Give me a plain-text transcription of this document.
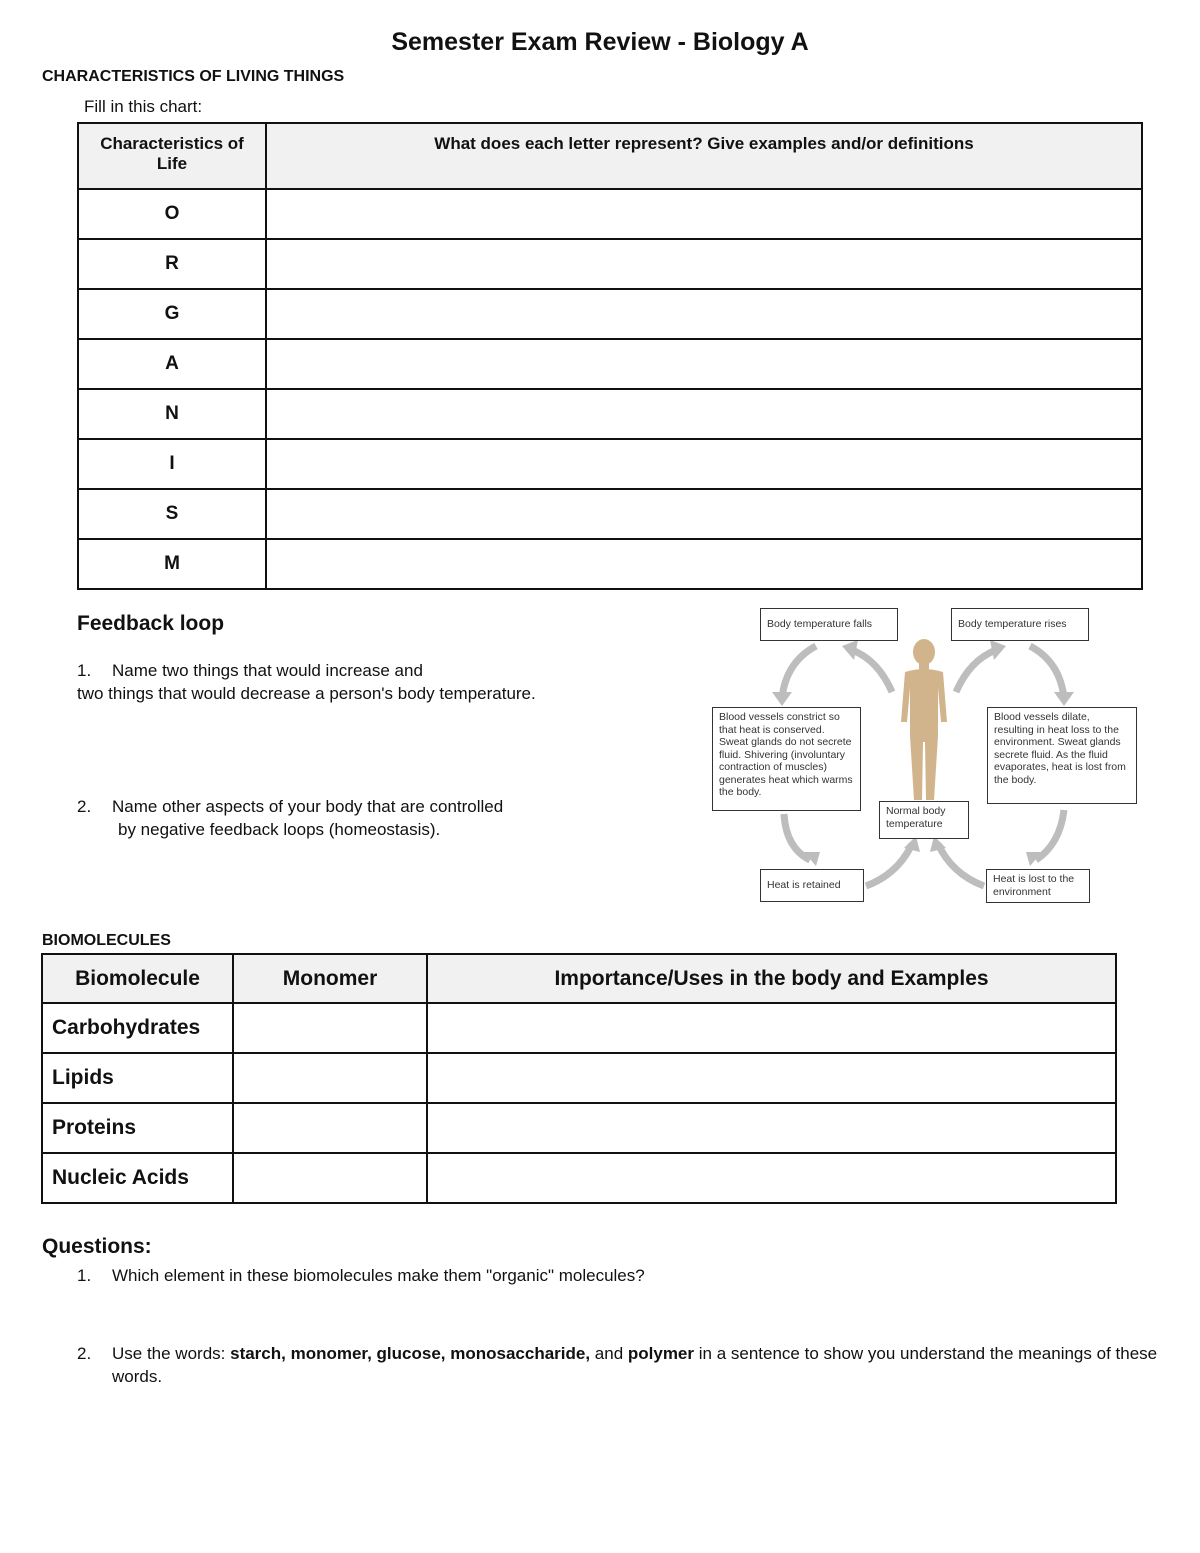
Semester Exam Review - Biology A
CHARACTERISTICS OF LIVING THINGS
Fill in this chart:
Characteristics of Life	What does each letter represent? Give examples and/or definitions
O	
R	
G	
A	
N	
I	
S	
M	
Feedback loop
1. Name two things that would increase and
two things that would decrease a person's body temperature.
2. Name other aspects of your body that are controlled
by negative feedback loops (homeostasis).
Body temperature falls	Body temperature rises
Blood vessels constrict so that heat is conserved. Sweat glands do not secrete fluid. Shivering (involuntary contraction of muscles) generates heat which warms the body.
Blood vessels dilate, resulting in heat loss to the environment. Sweat glands secrete fluid. As the fluid evaporates, heat is lost from the body.
Normal body temperature
Heat is retained	Heat is lost to the environment
BIOMOLECULES
Biomolecule	Monomer	Importance/Uses in the body and Examples
Carbohydrates		
Lipids		
Proteins		
Nucleic Acids		
Questions:
1. Which element in these biomolecules make them "organic" molecules?
2.	Use the words: starch, monomer, glucose, monosaccharide, and polymer in a sentence to show you understand the meanings of these words.
